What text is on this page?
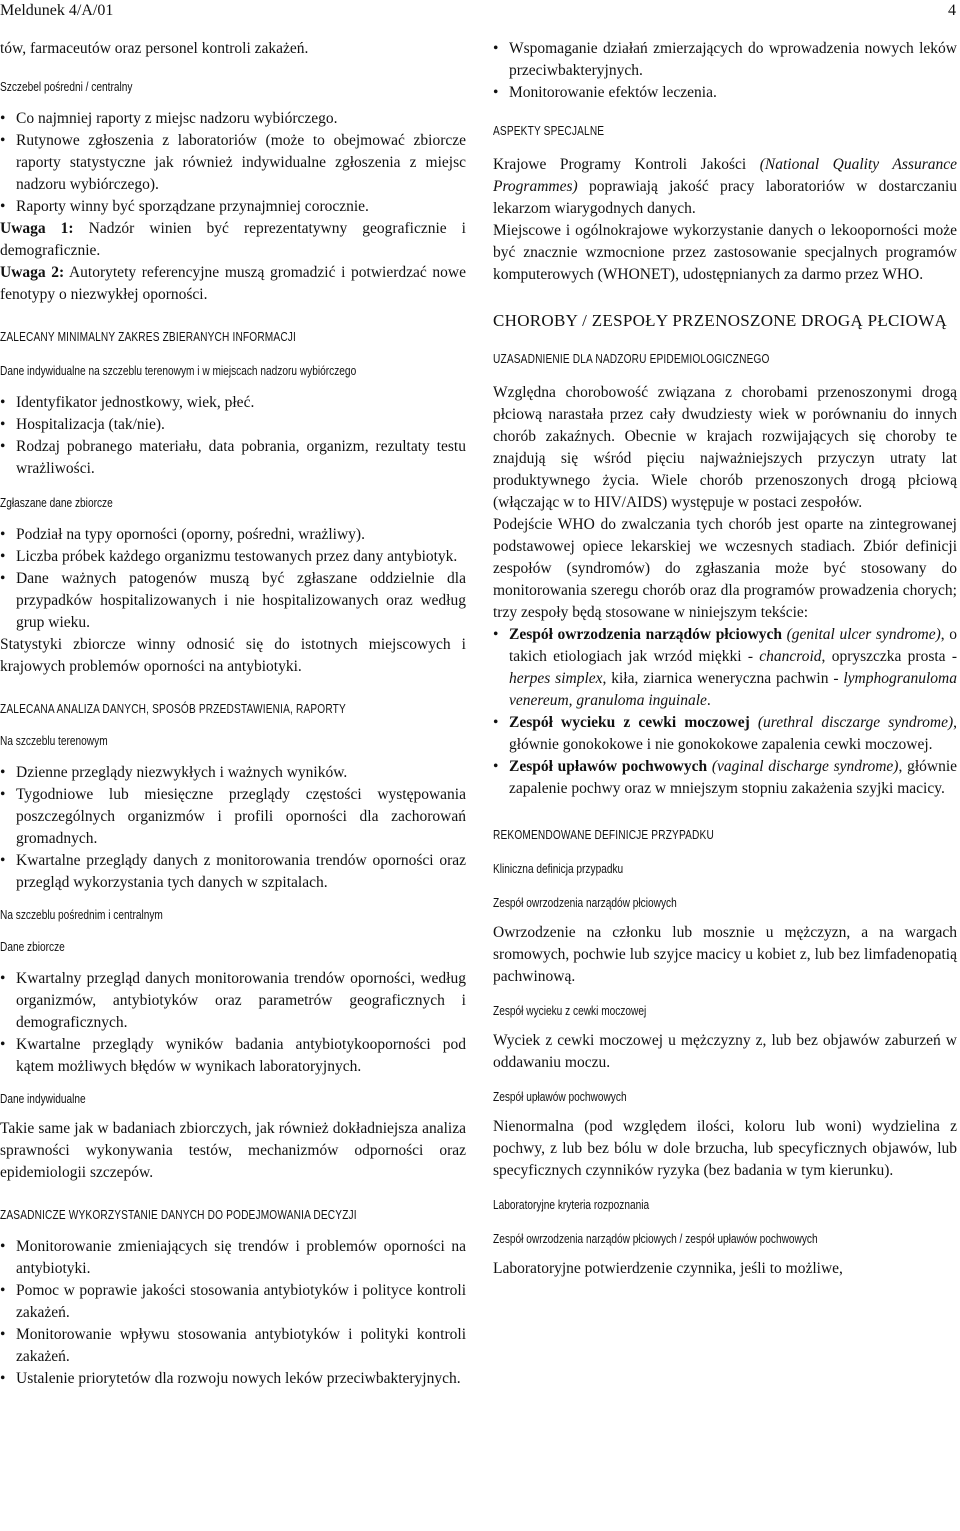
Meldunek 4/A/01	4

tów, farmaceutów oraz personel kontroli zakażeń.

Szczebel pośredni / centralny
• Co najmniej raporty z miejsc nadzoru wybiórczego.
• Rutynowe zgłoszenia z laboratoriów (może to obejmować zbiorcze raporty statystyczne jak również indywidualne zgłoszenia z miejsc nadzoru wybiórczego).
• Raporty winny być sporządzane przynajmniej corocznie.

Uwaga 1: Nadzór winien być reprezentatywny geograficznie i demograficznie.

Uwaga 2: Autorytety referencyjne muszą gromadzić i potwierdzać nowe fenotypy o niezwykłej oporności.

ZALECANY MINIMALNY ZAKRES ZBIERANYCH INFORMACJI
Dane indywidualne na szczeblu terenowym i w miejscach nadzoru wybiórczego
• Identyfikator jednostkowy, wiek, płeć.
• Hospitalizacja (tak/nie).
• Rodzaj pobranego materiału, data pobrania, organizm, rezultaty testu wrażliwości.
Zgłaszane dane zbiorcze
• Podział na typy oporności (oporny, pośredni, wrażliwy).
• Liczba próbek każdego organizmu testowanych przez dany antybiotyk.
• Dane ważnych patogenów muszą być zgłaszane oddzielnie dla przypadków hospitalizowanych i nie hospitalizowanych oraz według grup wieku.

Statystyki zbiorcze winny odnosić się do istotnych miejscowych i krajowych problemów oporności na antybiotyki.

ZALECANA ANALIZA DANYCH, SPOSÓB PRZEDSTAWIENIA, RAPORTY
Na szczeblu terenowym
• Dzienne przeglądy niezwykłych i ważnych wyników.
• Tygodniowe lub miesięczne przeglądy częstości występowania poszczególnych organizmów i profili oporności dla zachorowań gromadnych.
• Kwartalne przeglądy danych z monitorowania trendów oporności oraz przegląd wykorzystania tych danych w szpitalach.
Na szczeblu pośrednim i centralnym
Dane zbiorcze
• Kwartalny przegląd danych monitorowania trendów oporności, według organizmów, antybiotyków oraz parametrów geograficznych i demograficznych.
• Kwartalne przeglądy wyników badania antybiotykooporności pod kątem możliwych błędów w wynikach laboratoryjnych.
Dane indywidualne

Takie same jak w badaniach zbiorczych, jak również dokładniejsza analiza sprawności wykonywania testów, mechanizmów odporności oraz epidemiologii szczepów.

ZASADNICZE WYKORZYSTANIE DANYCH DO PODEJMOWANIA DECYZJI
• Monitorowanie zmieniających się trendów i problemów oporności na antybiotyki.
• Pomoc w poprawie jakości stosowania antybiotyków i polityce kontroli zakażeń.
• Monitorowanie wpływu stosowania antybiotyków i polityki kontroli zakażeń.
• Ustalenie priorytetów dla rozwoju nowych leków przeciwbakteryjnych.
• Wspomaganie działań zmierzających do wprowadzenia nowych leków przeciwbakteryjnych.
• Monitorowanie efektów leczenia.
ASPEKTY SPECJALNE

Krajowe Programy Kontroli Jakości (National Quality Assurance Programmes) poprawiają jakość pracy laboratoriów w dostarczaniu lekarzom wiarygodnych danych.

Miejscowe i ogólnokrajowe wykorzystanie danych o lekooporności może być znacznie wzmocnione przez zastosowanie specjalnych programów komputerowych (WHONET), udostępnianych za darmo przez WHO.

CHOROBY / ZESPOŁY PRZENOSZONE DROGĄ PŁCIOWĄ
UZASADNIENIE DLA NADZORU EPIDEMIOLOGICZNEGO

Względna chorobowość związana z chorobami przenoszonymi drogą płciową narastała przez cały dwudziesty wiek w porównaniu do innych chorób zakaźnych. Obecnie w krajach rozwijających się choroby te znajdują się wśród pięciu najważniejszych przyczyn utraty lat produktywnego życia. Wiele chorób przenoszonych drogą płciową (włączając w to HIV/AIDS) występuje w postaci zespołów.

Podejście WHO do zwalczania tych chorób jest oparte na zintegrowanej podstawowej opiece lekarskiej we wczesnych stadiach. Zbiór definicji zespołów (syndromów) do zgłaszania może być stosowany do monitorowania szeregu chorób oraz dla programów prowadzenia chorych; trzy zespoły będą stosowane w niniejszym tekście:

• Zespół owrzodzenia narządów płciowych (genital ulcer syndrome), o takich etiologiach jak wrzód miękki - chancroid, opryszczka prosta - herpes simplex, kiła, ziarnica weneryczna pachwin - lymphogranuloma venereum, granuloma inguinale.
• Zespół wycieku z cewki moczowej (urethral disczarge syndrome), głównie gonokokowe i nie gonokokowe zapalenia cewki moczowej.
• Zespół upławów pochwowych (vaginal discharge syndrome), głównie zapalenie pochwy oraz w mniejszym stopniu zakażenia szyjki macicy.
REKOMENDOWANE DEFINICJE PRZYPADKU
Kliniczna definicja przypadku
Zespół owrzodzenia narządów płciowych

Owrzodzenie na członku lub mosznie u mężczyzn, a na wargach sromowych, pochwie lub szyjce macicy u kobiet z, lub bez limfadenopatią pachwinową.

Zespół wycieku z cewki moczowej

Wyciek z cewki moczowej u mężczyzny z, lub bez objawów zaburzeń w oddawaniu moczu.

Zespół upławów pochwowych

Nienormalna (pod względem ilości, koloru lub woni) wydzielina z pochwy, z lub bez bólu w dole brzucha, lub specyficznych objawów, lub specyficznych czynników ryzyka (bez badania w tym kierunku).

Laboratoryjne kryteria rozpoznania
Zespół owrzodzenia narządów płciowych / zespół upławów pochwowych

Laboratoryjne potwierdzenie czynnika, jeśli to możliwe,
